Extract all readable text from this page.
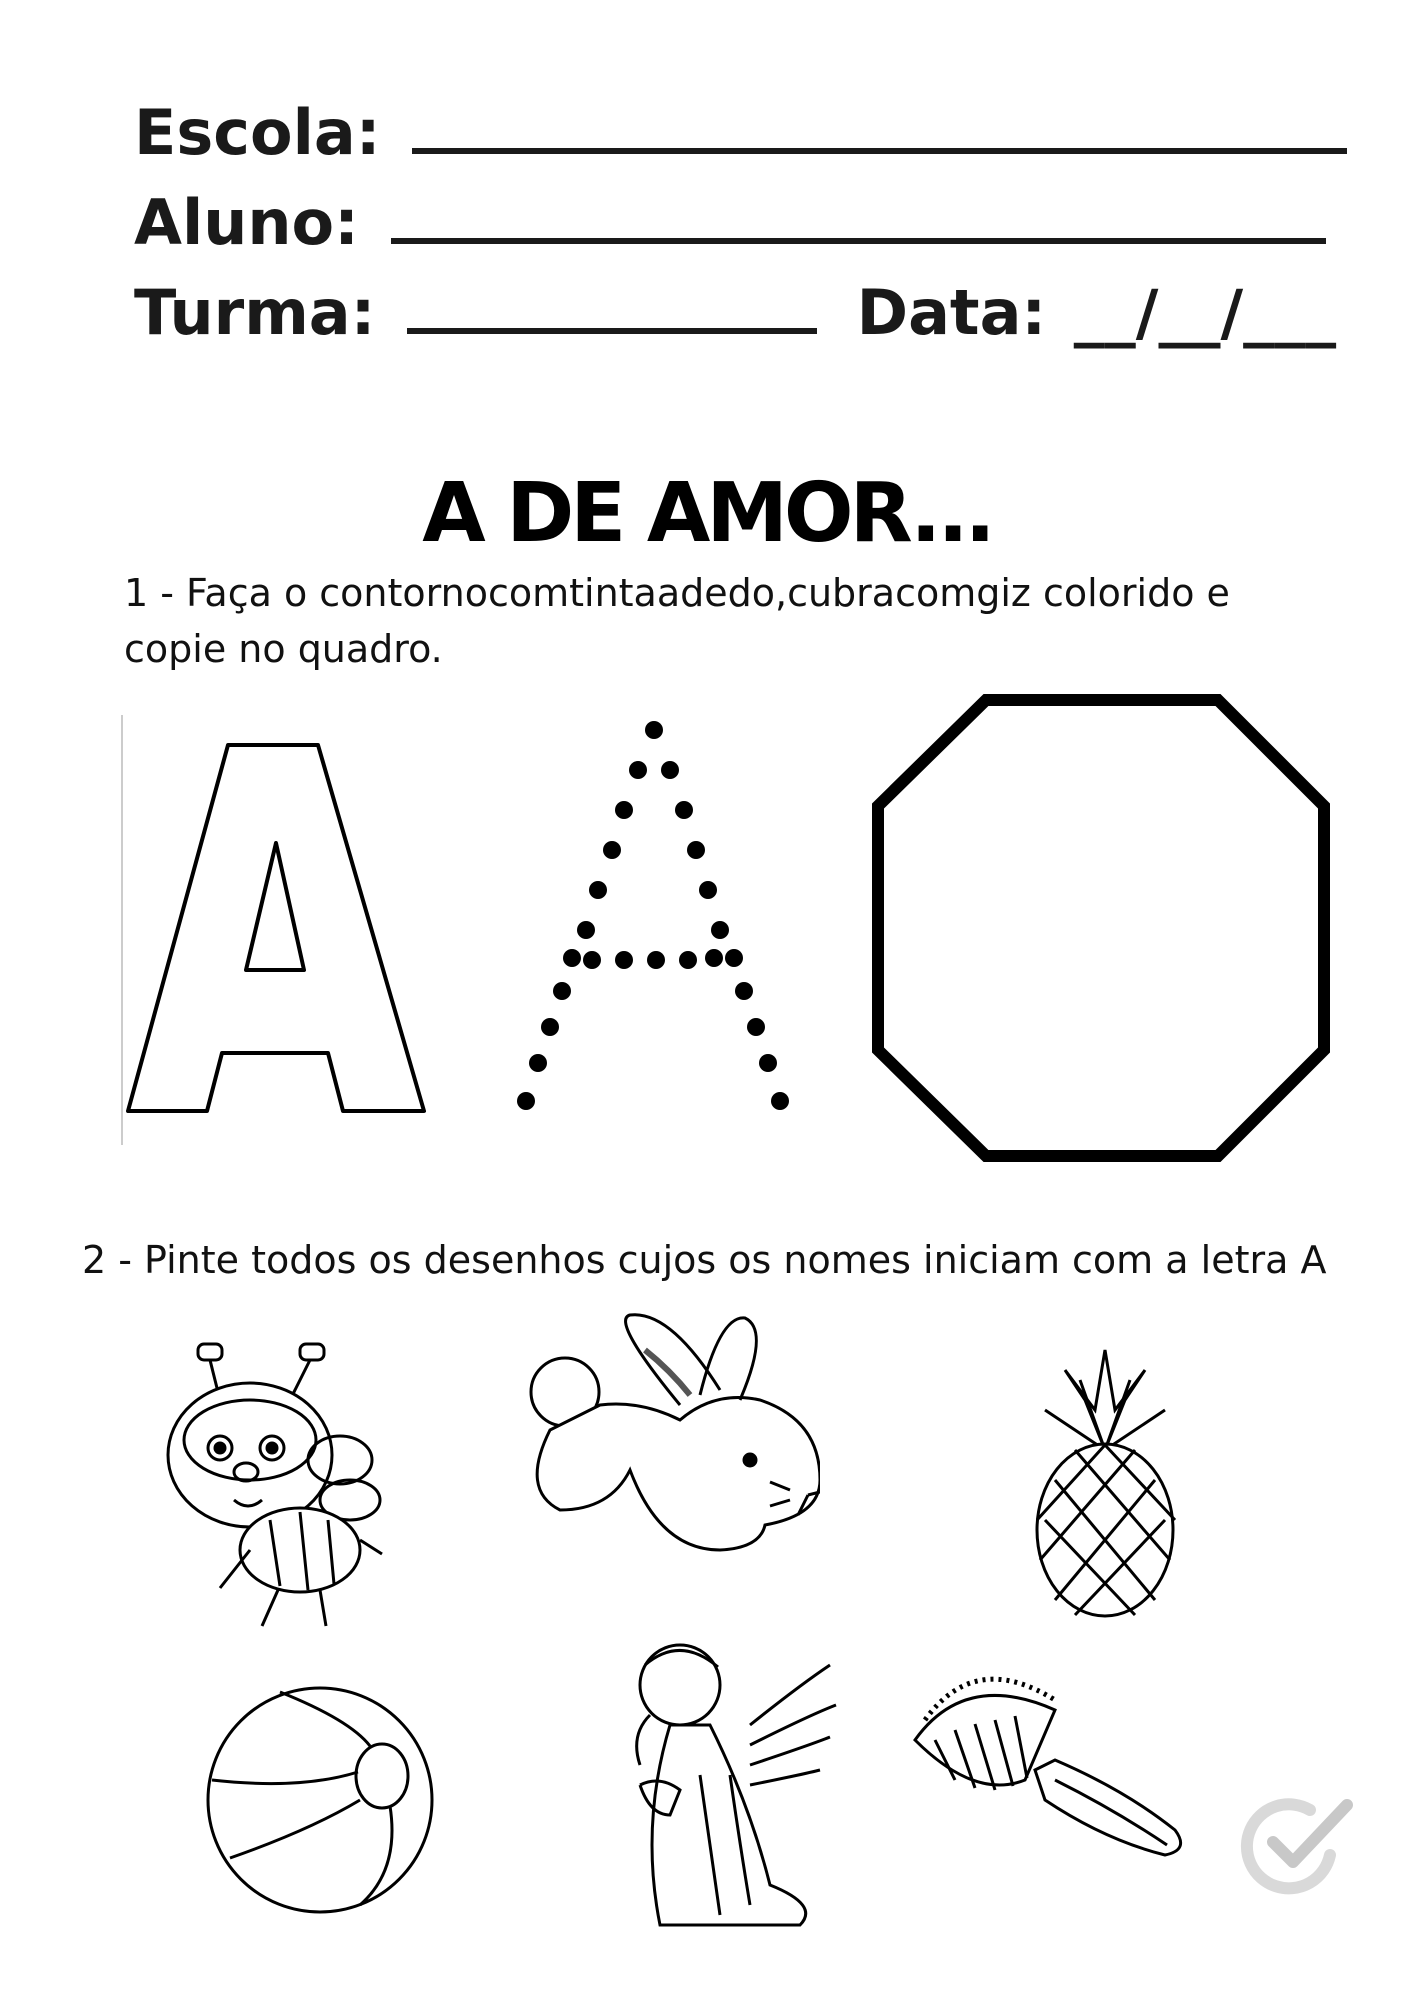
Escola:
Aluno:
Turma:	Data: __/__/___
A DE AMOR...
1 - Faça o contornocomtintaadedo,cubracomgiz colorido e
copie no quadro.
2 - Pinte todos os desenhos cujos os nomes iniciam com a letra A
